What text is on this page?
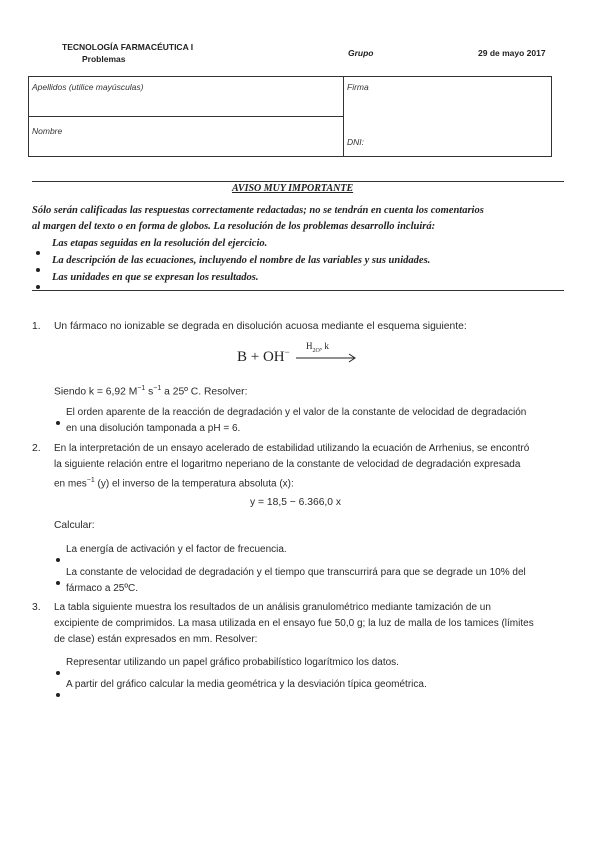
TECNOLOGÍA FARMACÉUTICA I
Problemas
Grupo	29 de mayo 2017
Apellidos (utilice mayúsculas)
Nombre
Firma
DNI:
AVISO MUY IMPORTANTE
Sólo serán calificadas las respuestas correctamente redactadas; no se tendrán en cuenta los comentarios
al margen del texto o en forma de globos. La resolución de los problemas desarrollo incluirá:
Las etapas seguidas en la resolución del ejercicio.
La descripción de las ecuaciones, incluyendo el nombre de las variables y sus unidades.
Las unidades en que se expresan los resultados.
1. Un fármaco no ionizable se degrada en disolución acuosa mediante el esquema siguiente:
B + OH−
$H_{2O}$, k
Siendo k = 6,92 $M^{-1}$ $s^{-1}$ a 25º C. Resolver:
El orden aparente de la reacción de degradación y el valor de la constante de velocidad de degradación
en una disolución tamponada a pH = 6.
2. En la interpretación de un ensayo acelerado de estabilidad utilizando la ecuación de Arrhenius, se encontró
la siguiente relación entre el logaritmo neperiano de la constante de velocidad de degradación expresada
en mes$^{-1}$ (y) el inverso de la temperatura absoluta (x):
y = 18,5 − 6.366,0 x
Calcular:
La energía de activación y el factor de frecuencia.
La constante de velocidad de degradación y el tiempo que transcurrirá para que se degrade un 10% del
fármaco a 25ºC.
3. La tabla siguiente muestra los resultados de un análisis granulométrico mediante tamización de un
excipiente de comprimidos. La masa utilizada en el ensayo fue 50,0 g; la luz de malla de los tamices (límites
de clase) están expresados en mm. Resolver:
Representar utilizando un papel gráfico probabilístico logarítmico los datos.
A partir del gráfico calcular la media geométrica y la desviación típica geométrica.
